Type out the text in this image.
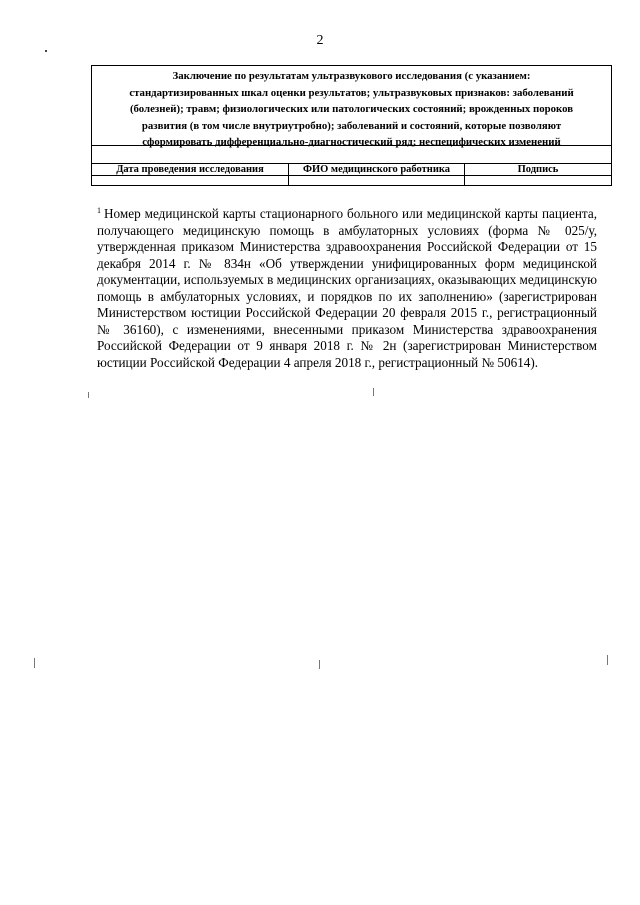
2
Заключение по результатам ультразвукового исследования (с указанием:
стандартизированных шкал оценки результатов; ультразвуковых признаков: заболеваний
(болезней); травм; физиологических или патологических состояний; врожденных пороков
развития (в том числе внутриутробно); заболеваний и состояний, которые позволяют
сформировать дифференциально-диагностический ряд; неспецифических изменений
Дата проведения исследования	ФИО медицинского работника	Подпись
$^1$ Номер медицинской карты стационарного больного или медицинской карты пациента, получающего медицинскую помощь в амбулаторных условиях (форма № 025/у, утвержденная приказом Министерства здравоохранения Российской Федерации от 15 декабря 2014 г. № 834н «Об утверждении унифицированных форм медицинской документации, используемых в медицинских организациях, оказывающих медицинскую помощь в амбулаторных условиях, и порядков по их заполнению» (зарегистрирован Министерством юстиции Российской Федерации 20 февраля 2015 г., регистрационный № 36160), с изменениями, внесенными приказом Министерства здравоохранения Российской Федерации от 9 января 2018 г. № 2н (зарегистрирован Министерством юстиции Российской Федерации 4 апреля 2018 г., регистрационный № 50614).
